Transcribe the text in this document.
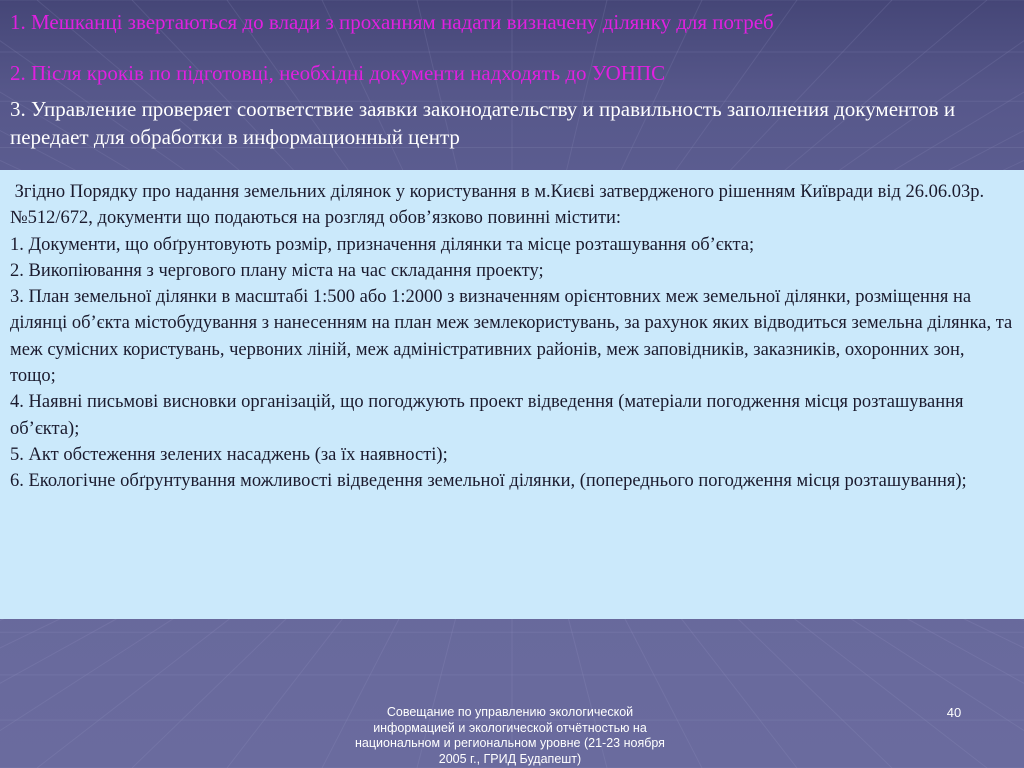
1. Мешканці звертаються до влади з проханням надати визначену ділянку для потреб

2. Після кроків по підготовці, необхідні документи надходять до УОНПС

3. Управление проверяет соответствие заявки законодательству и правильность заполнения документов и передает для обработки в информационный центр

Згідно Порядку про надання земельних ділянок у користування в м.Києві затвердженого рішенням Київради від 26.06.03р. №512/672, документи що подаються на розгляд обов’язково повинні містити:
1. Документи, що обґрунтовують розмір, призначення ділянки та місце розташування об’єкта;
2. Викопіювання з чергового плану міста на час складання проекту;
3. План земельної ділянки в масштабі 1:500 або 1:2000 з визначенням орієнтовних меж земельної ділянки, розміщення на ділянці об’єкта містобудування з нанесенням на план меж землекористувань, за рахунок яких відводиться земельна ділянка, та меж сумісних користувань, червоних ліній, меж адміністративних районів, меж заповідників, заказників, охоронних зон, тощо;
4. Наявні письмові висновки організацій, що погоджують проект відведення (матеріали погодження місця розташування об’єкта);
5. Акт обстеження зелених насаджень (за їх наявності);
6. Екологічне обґрунтування можливості відведення земельної ділянки, (попереднього погодження місця розташування);

Совещание по управлению экологической информацией и экологической отчётностью на национальном и региональном уровне (21-23 ноября 2005 г., ГРИД Будапешт)
40
